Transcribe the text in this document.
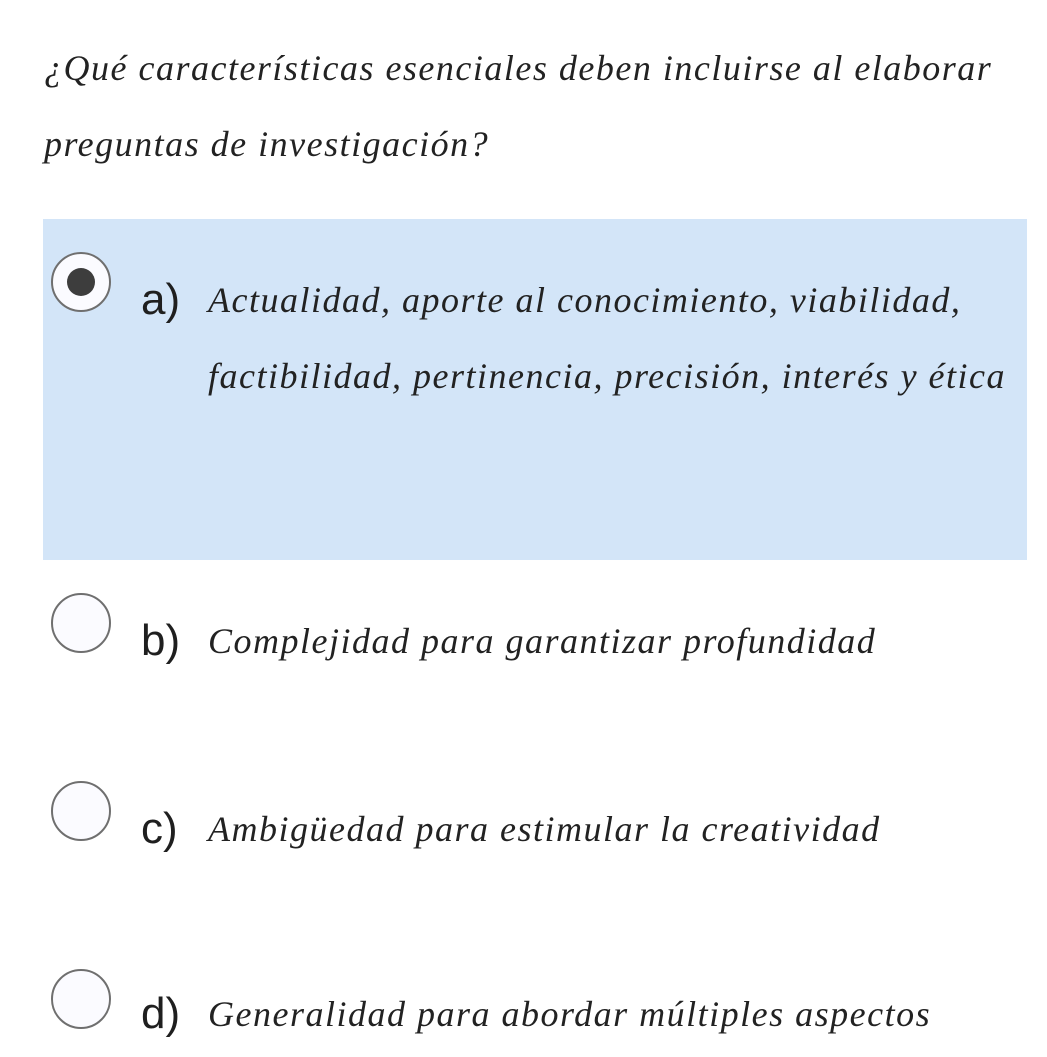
¿Qué características esenciales deben incluirse al elaborar preguntas de investigación?

a) Actualidad, aporte al conocimiento, viabilidad, factibilidad, pertinencia, precisión, interés y ética
b) Complejidad para garantizar profundidad
c) Ambigüedad para estimular la creatividad
d) Generalidad para abordar múltiples aspectos
